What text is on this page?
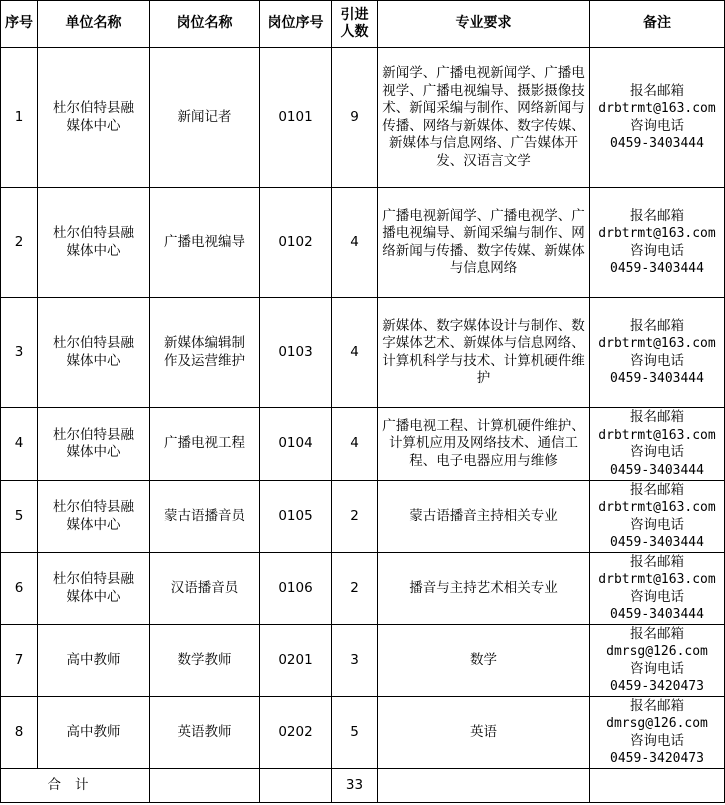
序号	单位名称	岗位名称	岗位序号	引进人数	专业要求	备注
1	杜尔伯特县融媒体中心	新闻记者	0101	9	新闻学、广播电视新闻学、广播电视学、广播电视编导、摄影摄像技术、新闻采编与制作、网络新闻与传播、网络与新媒体、数字传媒、新媒体与信息网络、广告媒体开发、汉语言文学	报名邮箱
drbtrmt@163.com
咨询电话
0459-3403444

2	杜尔伯特县融媒体中心	广播电视编导	0102	4	广播电视新闻学、广播电视学、广播电视编导、新闻采编与制作、网络新闻与传播、数字传媒、新媒体与信息网络	报名邮箱
drbtrmt@163.com
咨询电话
0459-3403444

3	杜尔伯特县融媒体中心	新媒体编辑制作及运营维护	0103	4	新媒体、数字媒体设计与制作、数字媒体艺术、新媒体与信息网络、计算机科学与技术、计算机硬件维护	报名邮箱
drbtrmt@163.com
咨询电话
0459-3403444

4	杜尔伯特县融媒体中心	广播电视工程	0104	4	广播电视工程、计算机硬件维护、计算机应用及网络技术、通信工程、电子电器应用与维修	报名邮箱
drbtrmt@163.com
咨询电话
0459-3403444

5	杜尔伯特县融媒体中心	蒙古语播音员	0105	2	蒙古语播音主持相关专业	报名邮箱
drbtrmt@163.com
咨询电话
0459-3403444

6	杜尔伯特县融媒体中心	汉语播音员	0106	2	播音与主持艺术相关专业	报名邮箱
drbtrmt@163.com
咨询电话
0459-3403444

7	高中教师	数学教师	0201	3	数学	报名邮箱
dmrsg@126.com
咨询电话
0459-3420473

8	高中教师	英语教师	0202	5	英语	报名邮箱
dmrsg@126.com
咨询电话
0459-3420473

合计				33		
